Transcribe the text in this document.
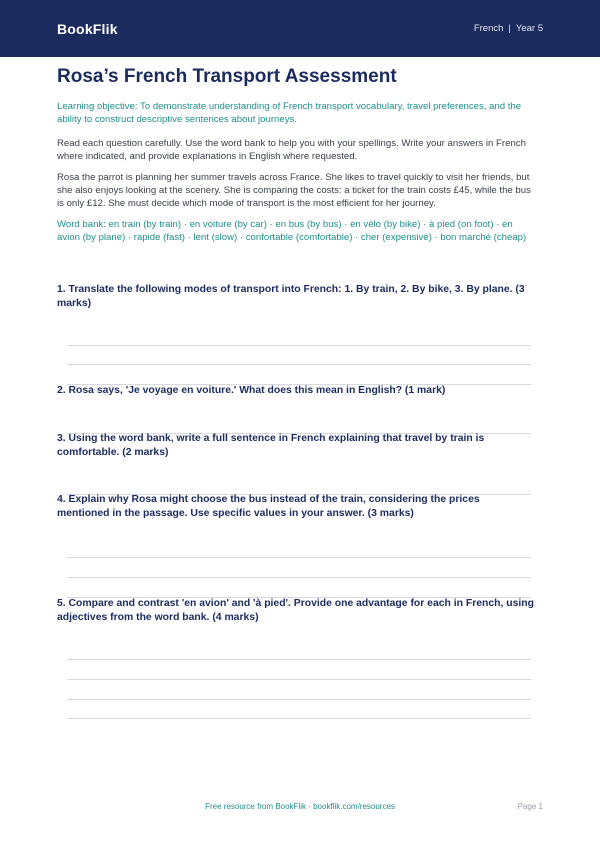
BookFlik	French | Year 5
Rosa’s French Transport Assessment
Learning objective: To demonstrate understanding of French transport vocabulary, travel preferences, and the ability to construct descriptive sentences about journeys.
Read each question carefully. Use the word bank to help you with your spellings. Write your answers in French where indicated, and provide explanations in English where requested.
Rosa the parrot is planning her summer travels across France. She likes to travel quickly to visit her friends, but she also enjoys looking at the scenery. She is comparing the costs: a ticket for the train costs £45, while the bus is only £12. She must decide which mode of transport is the most efficient for her journey.
Word bank: en train (by train) · en voiture (by car) · en bus (by bus) · en vélo (by bike) · à pied (on foot) · en avion (by plane) · rapide (fast) · lent (slow) · confortable (comfortable) · cher (expensive) · bon marché (cheap)
1. Translate the following modes of transport into French: 1. By train, 2. By bike, 3. By plane. (3 marks)
2. Rosa says, 'Je voyage en voiture.' What does this mean in English? (1 mark)
3. Using the word bank, write a full sentence in French explaining that travel by train is comfortable. (2 marks)
4. Explain why Rosa might choose the bus instead of the train, considering the prices mentioned in the passage. Use specific values in your answer. (3 marks)
5. Compare and contrast 'en avion' and 'à pied'. Provide one advantage for each in French, using adjectives from the word bank. (4 marks)
Free resource from BookFlik · bookflik.com/resources	Page 1
